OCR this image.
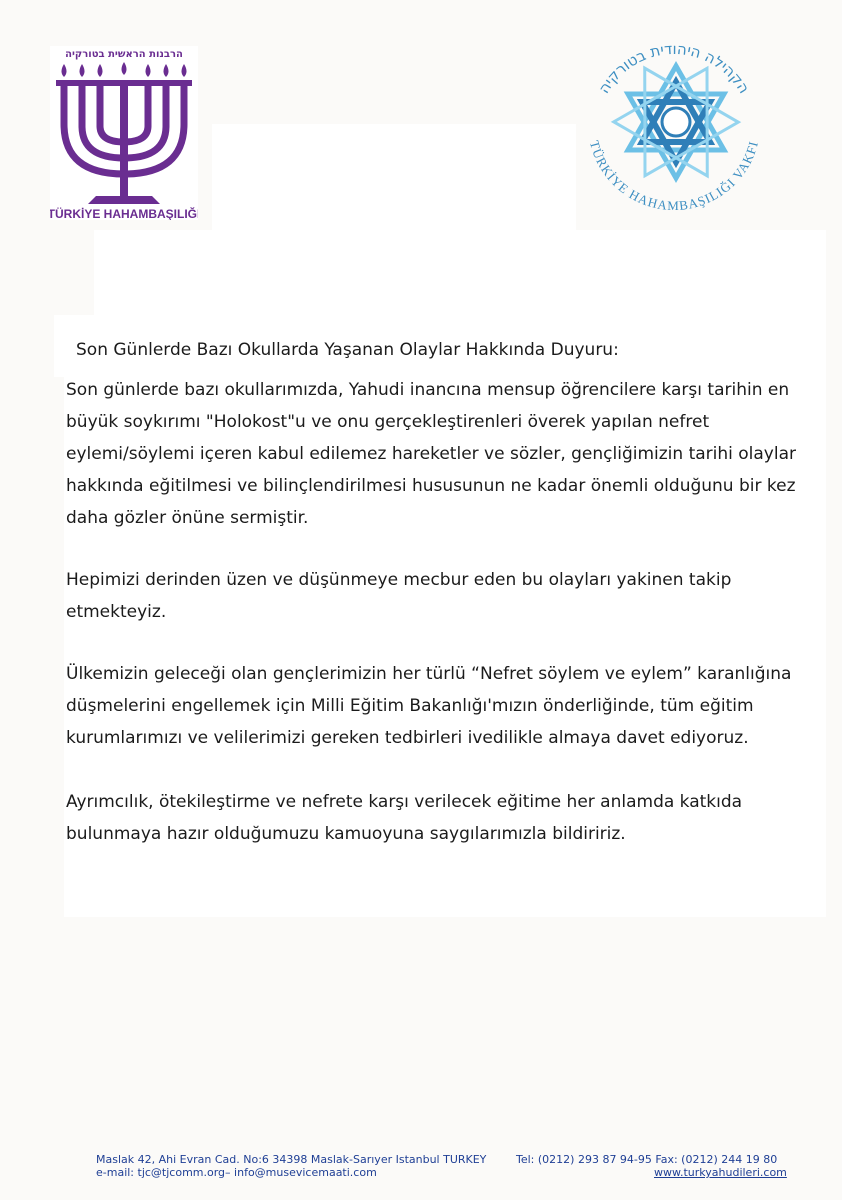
הרבנות הראשית בטורקיה
TÜRKİYE HAHAMBAŞILIĞI
הקהילה היהודית בטורקיה
TÜRKİYE HAHAMBAŞILIĞI VAKFI
Son Günlerde Bazı Okullarda Yaşanan Olaylar Hakkında Duyuru:

Son günlerde bazı okullarımızda, Yahudi inancına mensup öğrencilere karşı tarihin en
büyük soykırımı "Holokost"u ve onu gerçekleştirenleri överek yapılan nefret
eylemi/söylemi içeren kabul edilemez hareketler ve sözler, gençliğimizin tarihi olaylar
hakkında eğitilmesi ve bilinçlendirilmesi hususunun ne kadar önemli olduğunu bir kez
daha gözler önüne sermiştir.

Hepimizi derinden üzen ve düşünmeye mecbur eden bu olayları yakinen takip
etmekteyiz.

Ülkemizin geleceği olan gençlerimizin her türlü “Nefret söylem ve eylem” karanlığına
düşmelerini engellemek için Milli Eğitim Bakanlığı'mızın önderliğinde, tüm eğitim
kurumlarımızı ve velilerimizi gereken tedbirleri ivedilikle almaya davet ediyoruz.

Ayrımcılık, ötekileştirme ve nefrete karşı verilecek eğitime her anlamda katkıda
bulunmaya hazır olduğumuzu kamuoyuna saygılarımızla bildiririz.

Maslak 42, Ahi Evran Cad. No:6 34398 Maslak-Sarıyer Istanbul TURKEY	Tel: (0212) 293 87 94-95 Fax: (0212) 244 19 80
e-mail: tjc@tjcomm.org– info@musevicemaati.com	www.turkyahudileri.com
